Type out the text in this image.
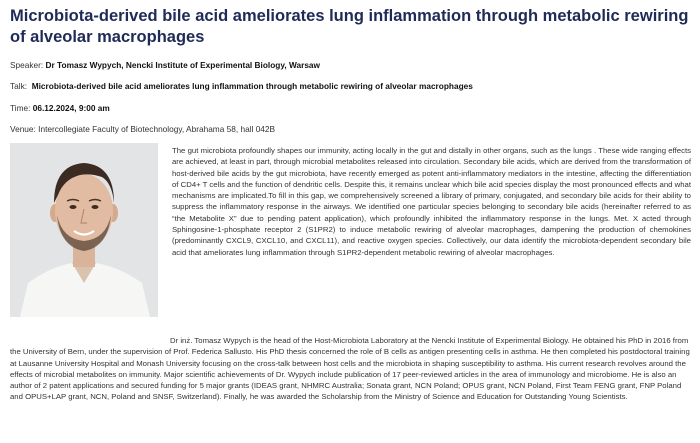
Microbiota-derived bile acid ameliorates lung inflammation through metabolic rewiring of alveolar macrophages
Speaker: Dr Tomasz Wypych, Nencki Institute of Experimental Biology, Warsaw
Talk: Microbiota-derived bile acid ameliorates lung inflammation through metabolic rewiring of alveolar macrophages
Time: 06.12.2024, 9:00 am
Venue: Intercollegiate Faculty of Biotechnology, Abrahama 58, hall 042B

The gut microbiota profoundly shapes our immunity, acting locally in the gut and distally in other organs, such as the lungs . These wide ranging effects are achieved, at least in part, through microbial metabolites released into circulation. Secondary bile acids, which are derived from the transformation of host-derived bile acids by the gut microbiota, have recently emerged as potent anti-inflammatory mediators in the intestine, affecting the differentiation of CD4+ T cells and the function of dendritic cells. Despite this, it remains unclear which bile acid species display the most pronounced effects and what mechanisms are implicated.To fill in this gap, we comprehensively screened a library of primary, conjugated, and secondary bile acids for their ability to suppress the inflammatory response in the airways. We identified one particular species belonging to secondary bile acids (hereinafter referred to as “the Metabolite X” due to pending patent application), which profoundly inhibited the inflammatory response in the lungs. Met. X acted through Sphingosine-1-phosphate receptor 2 (S1PR2) to induce metabolic rewiring of alveolar macrophages, dampening the production of chemokines (predominantly CXCL9, CXCL10, and CXCL11), and reactive oxygen species. Collectively, our data identify the microbiota-dependent secondary bile acid that ameliorates lung inflammation through S1PR2-dependent metabolic rewiring of alveolar macrophages.

Dr inż. Tomasz Wypych is the head of the Host-Microbiota Laboratory at the Nencki Institute of Experimental Biology. He obtained his PhD in 2016 from the University of Bern, under the supervision of Prof. Federica Sallusto. His PhD thesis concerned the role of B cells as antigen presenting cells in asthma. He then completed his postdoctoral training at Lausanne University Hospital and Monash University focusing on the cross-talk between host cells and the microbiota in shaping susceptibility to asthma. His current research revolves around the effects of microbial metabolites on immunity. Major scientific achievements of Dr. Wypych include publication of 17 peer-reviewed articles in the area of immunology and microbiome. He is also an author of 2 patent applications and secured funding for 5 major grants (IDEAS grant, NHMRC Australia; Sonata grant, NCN Poland; OPUS grant, NCN Poland, First Team FENG grant, FNP Poland and OPUS+LAP grant, NCN, Poland and SNSF, Switzerland). Finally, he was awarded the Scholarship from the Ministry of Science and Education for Outstanding Young Scientists.
